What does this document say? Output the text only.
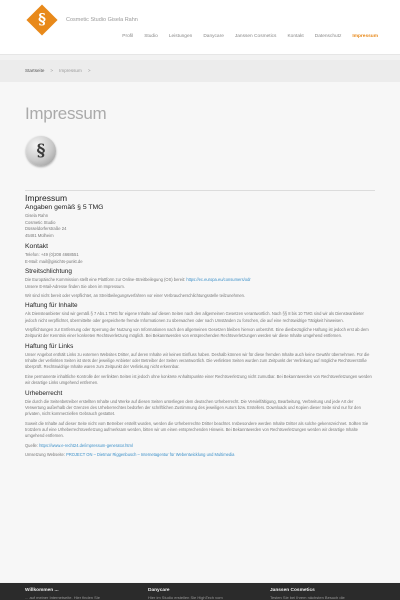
§	Cosmetic Studio Gisela Rahn
Profil Studio Leistungen Danycare Janssen Cosmetics Kontakt Datenschutz Impressum
Startseite > Impressum >
Impressum
§
Impressum
Angaben gemäß § 5 TMG
Gisela Rahn
Cosmetic Studio
Düsseldorferstraße 24
45481 Mülheim
Kontakt
Telefon: +49 (0)208 4668551
E-Mail: mail@gisichts-punkt.de
Streitschlichtung
Die Europäische Kommission stellt eine Plattform zur Online-Streitbeilegung (OS) bereit: https://ec.europa.eu/consumers/odr
Unsere E-Mail-Adresse finden Sie oben im Impressum.
Wir sind nicht bereit oder verpflichtet, an Streitbeilegungsverfahren vor einer Verbraucherschlichtungsstelle teilzunehmen.
Haftung für Inhalte
Als Diensteanbieter sind wir gemäß § 7 Abs.1 TMG für eigene Inhalte auf diesen Seiten nach den allgemeinen Gesetzen verantwortlich. Nach §§ 8 bis 10 TMG sind wir als Diensteanbieter jedoch nicht verpflichtet, übermittelte oder gespeicherte fremde Informationen zu überwachen oder nach Umständen zu forschen, die auf eine rechtswidrige Tätigkeit hinweisen.
Verpflichtungen zur Entfernung oder Sperrung der Nutzung von Informationen nach den allgemeinen Gesetzen bleiben hiervon unberührt. Eine diesbezügliche Haftung ist jedoch erst ab dem Zeitpunkt der Kenntnis einer konkreten Rechtsverletzung möglich. Bei Bekanntwerden von entsprechenden Rechtsverletzungen werden wir diese Inhalte umgehend entfernen.
Haftung für Links
Unser Angebot enthält Links zu externen Websites Dritter, auf deren Inhalte wir keinen Einfluss haben. Deshalb können wir für diese fremden Inhalte auch keine Gewähr übernehmen. Für die Inhalte der verlinkten Seiten ist stets der jeweilige Anbieter oder Betreiber der Seiten verantwortlich. Die verlinkten Seiten wurden zum Zeitpunkt der Verlinkung auf mögliche Rechtsverstöße überprüft. Rechtswidrige Inhalte waren zum Zeitpunkt der Verlinkung nicht erkennbar.
Eine permanente inhaltliche Kontrolle der verlinkten Seiten ist jedoch ohne konkrete Anhaltspunkte einer Rechtsverletzung nicht zumutbar. Bei Bekanntwerden von Rechtsverletzungen werden wir derartige Links umgehend entfernen.
Urheberrecht
Die durch die Seitenbetreiber erstellten Inhalte und Werke auf diesen Seiten unterliegen dem deutschen Urheberrecht. Die Vervielfältigung, Bearbeitung, Verbreitung und jede Art der Verwertung außerhalb der Grenzen des Urheberrechtes bedürfen der schriftlichen Zustimmung des jeweiligen Autors bzw. Erstellers. Downloads und Kopien dieser Seite sind nur für den privaten, nicht kommerziellen Gebrauch gestattet.
Soweit die Inhalte auf dieser Seite nicht vom Betreiber erstellt wurden, werden die Urheberrechte Dritter beachtet. Insbesondere werden Inhalte Dritter als solche gekennzeichnet. Sollten Sie trotzdem auf eine Urheberrechtsverletzung aufmerksam werden, bitten wir um einen entsprechenden Hinweis. Bei Bekanntwerden von Rechtsverletzungen werden wir derartige Inhalte umgehend entfernen.
Quelle: https://www.e-recht24.de/impressum-generator.html
Umsetzung Webseite: PROJECT ON – Dietmar Riggenbusch – Internetagentur für Webentwicklung und Multimedia
Willkommen ...
... auf meiner Internetseite. Hier finden Sie
Danycare
Hier im Studio erstellen Sie HighTech vom
Janssen Cosmetics
Testen Sie bei Ihrem nächsten Besuch die
